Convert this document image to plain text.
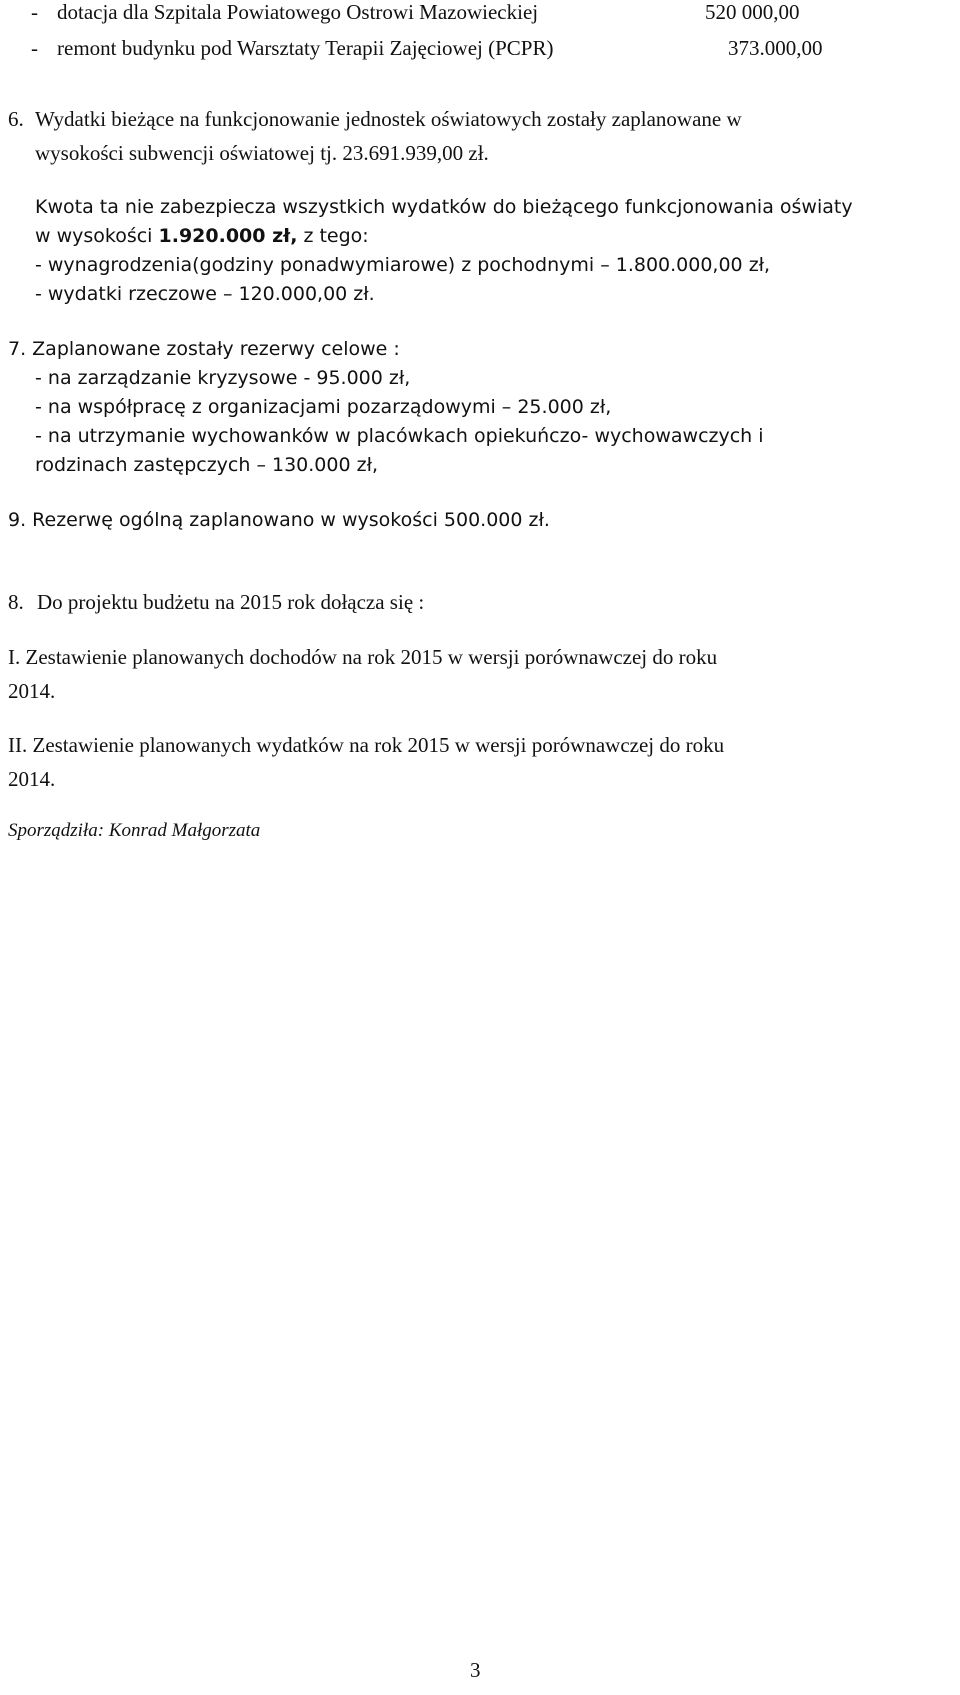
- dotacja dla Szpitala Powiatowego Ostrowi Mazowieckiej	520 000,00
- remont budynku pod Warsztaty Terapii Zajęciowej (PCPR)	373.000,00
6. Wydatki bieżące na funkcjonowanie jednostek oświatowych zostały zaplanowane w
wysokości subwencji oświatowej tj. 23.691.939,00 zł.
Kwota ta nie zabezpiecza wszystkich wydatków do bieżącego funkcjonowania oświaty
w wysokości 1.920.000 zł, z tego:
- wynagrodzenia(godziny ponadwymiarowe) z pochodnymi – 1.800.000,00 zł,
- wydatki rzeczowe – 120.000,00 zł.
7. Zaplanowane zostały rezerwy celowe :
- na zarządzanie kryzysowe - 95.000 zł,
- na współpracę z organizacjami pozarządowymi – 25.000 zł,
- na utrzymanie wychowanków w placówkach opiekuńczo- wychowawczych i
rodzinach zastępczych – 130.000 zł,
9. Rezerwę ogólną zaplanowano w wysokości 500.000 zł.
8. Do projektu budżetu na 2015 rok dołącza się :
I. Zestawienie planowanych dochodów na rok 2015 w wersji porównawczej do roku
2014.
II. Zestawienie planowanych wydatków na rok 2015 w wersji porównawczej do roku
2014.
Sporządziła: Konrad Małgorzata
3
